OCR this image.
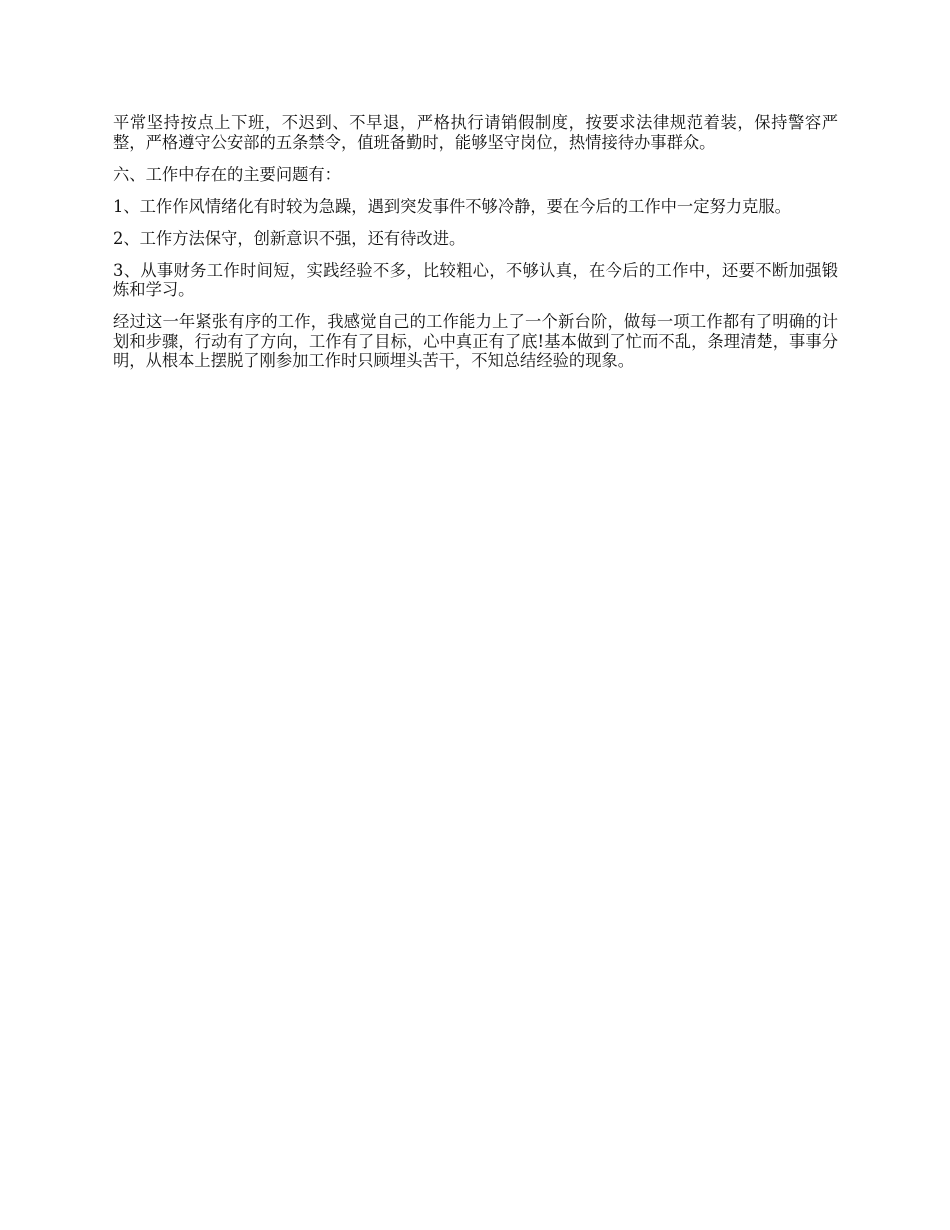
平常坚持按点上下班，不迟到、不早退，严格执行请销假制度，按要求法律规范着装，保持警容严整，严格遵守公安部的五条禁令，值班备勤时，能够坚守岗位，热情接待办事群众。

六、工作中存在的主要问题有：

1、工作作风情绪化有时较为急躁，遇到突发事件不够冷静，要在今后的工作中一定努力克服。

2、工作方法保守，创新意识不强，还有待改进。

3、从事财务工作时间短，实践经验不多，比较粗心，不够认真，在今后的工作中，还要不断加强锻炼和学习。

经过这一年紧张有序的工作，我感觉自己的工作能力上了一个新台阶，做每一项工作都有了明确的计划和步骤，行动有了方向，工作有了目标，心中真正有了底!基本做到了忙而不乱，条理清楚，事事分明，从根本上摆脱了刚参加工作时只顾埋头苦干，不知总结经验的现象。
